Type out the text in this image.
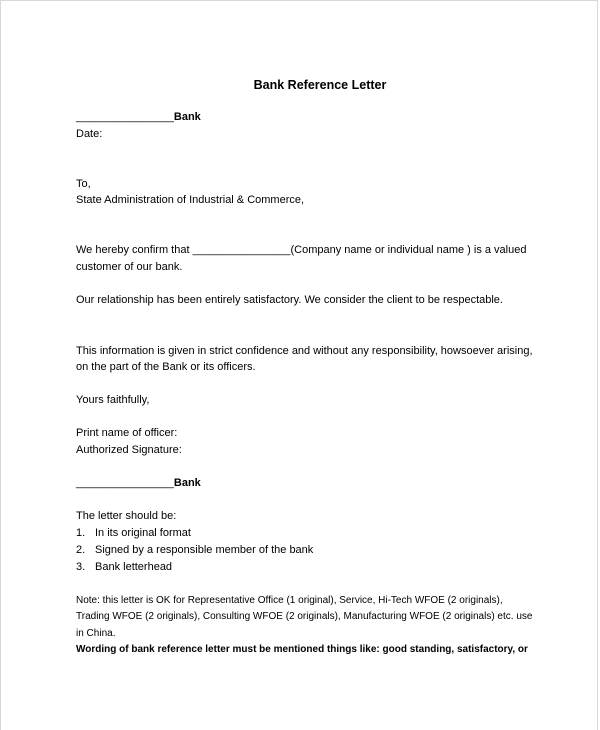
Bank Reference Letter
________________Bank
Date:
To,
State Administration of Industrial & Commerce,
We hereby confirm that ________________(Company name or individual name ) is a valued
customer of our bank.
Our relationship has been entirely satisfactory. We consider the client to be respectable.
This information is given in strict confidence and without any responsibility, howsoever arising,
on the part of the Bank or its officers.
Yours faithfully,
Print name of officer:
Authorized Signature:
________________Bank
The letter should be:
1. In its original format
2. Signed by a responsible member of the bank
3. Bank letterhead
Note: this letter is OK for Representative Office (1 original), Service, Hi-Tech WFOE (2 originals),
Trading WFOE (2 originals), Consulting WFOE (2 originals), Manufacturing WFOE (2 originals) etc. use
in China.
Wording of bank reference letter must be mentioned things like: good standing, satisfactory, or
